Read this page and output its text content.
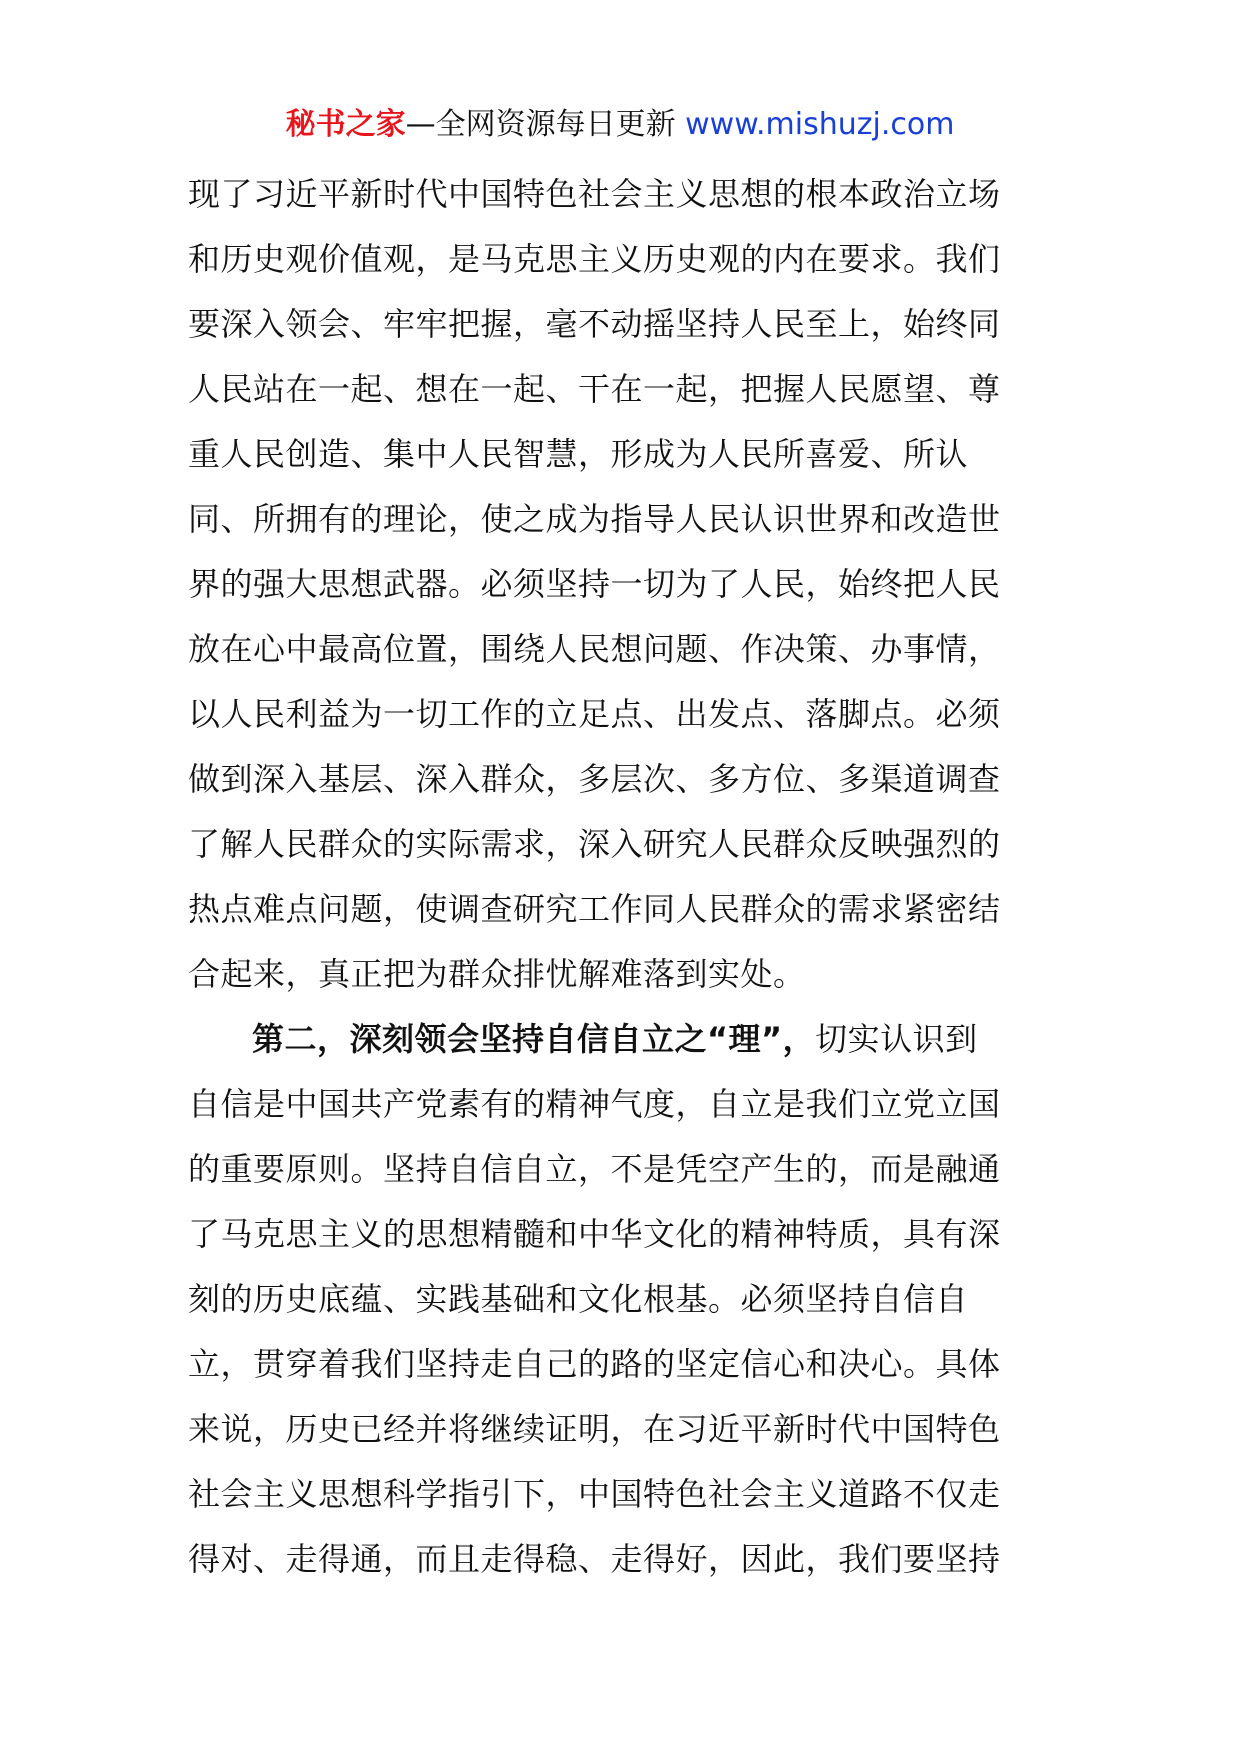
秘书之家—全网资源每日更新 www.mishuzj.com
现了习近平新时代中国特色社会主义思想的根本政治立场
和历史观价值观，是马克思主义历史观的内在要求。我们
要深入领会、牢牢把握，毫不动摇坚持人民至上，始终同
人民站在一起、想在一起、干在一起，把握人民愿望、尊
重人民创造、集中人民智慧，形成为人民所喜爱、所认
同、所拥有的理论，使之成为指导人民认识世界和改造世
界的强大思想武器。必须坚持一切为了人民，始终把人民
放在心中最高位置，围绕人民想问题、作决策、办事情，
以人民利益为一切工作的立足点、出发点、落脚点。必须
做到深入基层、深入群众，多层次、多方位、多渠道调查
了解人民群众的实际需求，深入研究人民群众反映强烈的
热点难点问题，使调查研究工作同人民群众的需求紧密结
合起来，真正把为群众排忧解难落到实处。
第二，深刻领会坚持自信自立之“理”，切实认识到
自信是中国共产党素有的精神气度，自立是我们立党立国
的重要原则。坚持自信自立，不是凭空产生的，而是融通
了马克思主义的思想精髓和中华文化的精神特质，具有深
刻的历史底蕴、实践基础和文化根基。必须坚持自信自
立，贯穿着我们坚持走自己的路的坚定信心和决心。具体
来说，历史已经并将继续证明，在习近平新时代中国特色
社会主义思想科学指引下，中国特色社会主义道路不仅走
得对、走得通，而且走得稳、走得好，因此，我们要坚持
